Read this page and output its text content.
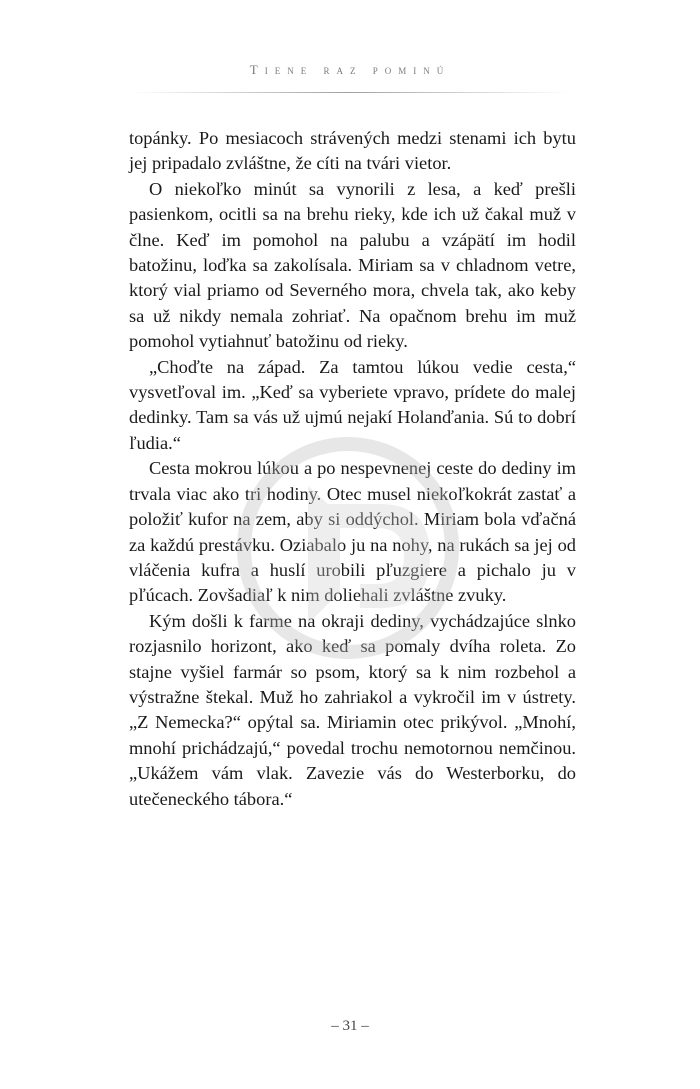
Tiene raz pominú

topánky. Po mesiacoch strávených medzi stenami ich bytu jej pripadalo zvláštne, že cíti na tvári vietor.

O niekoľko minút sa vynorili z lesa, a keď prešli pasienkom, ocitli sa na brehu rieky, kde ich už čakal muž v člne. Keď im pomohol na palubu a vzápätí im hodil batožinu, loďka sa zakolísala. Miriam sa v chladnom vetre, ktorý vial priamo od Severného mora, chvela tak, ako keby sa už nikdy nemala zohriať. Na opačnom brehu im muž pomohol vytiahnuť batožinu od rieky.

„Choďte na západ. Za tamtou lúkou vedie cesta,“ vysvetľoval im. „Keď sa vyberiete vpravo, prídete do malej dedinky. Tam sa vás už ujmú nejakí Holanďania. Sú to dobrí ľudia.“

Cesta mokrou lúkou a po nespevnenej ceste do dediny im trvala viac ako tri hodiny. Otec musel niekoľkokrát zastať a položiť kufor na zem, aby si oddýchol. Miriam bola vďačná za každú prestávku. Oziabalo ju na nohy, na rukách sa jej od vláčenia kufra a huslí urobili pľuzgiere a pichalo ju v pľúcach. Zovšadiaľ k nim doliehali zvláštne zvuky.

Kým došli k farme na okraji dediny, vychádzajúce slnko rozjasnilo horizont, ako keď sa pomaly dvíha roleta. Zo stajne vyšiel farmár so psom, ktorý sa k nim rozbehol a výstražne štekal. Muž ho zahriakol a vykročil im v ústrety. „Z Nemecka?“ opýtal sa. Miriamin otec prikývol. „Mnohí, mnohí prichádzajú,“ povedal trochu nemotornou nemčinou. „Ukážem vám vlak. Zavezie vás do Westerborku, do utečeneckého tábora.“

– 31 –
